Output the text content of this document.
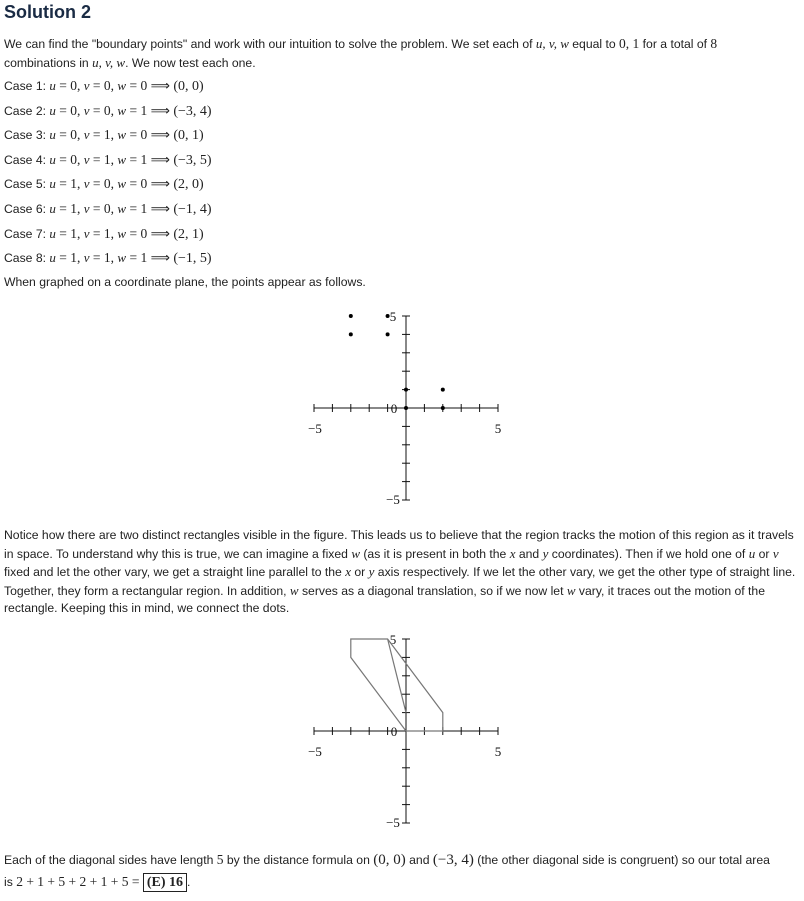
Solution 2

We can find the "boundary points" and work with our intuition to solve the problem. We set each of u, v, w equal to 0, 1 for a total of 8
combinations in u, v, w. We now test each one.

Case 1: u = 0, v = 0, w = 0 ⟹ (0, 0)
Case 2: u = 0, v = 0, w = 1 ⟹ (−3, 4)
Case 3: u = 0, v = 1, w = 0 ⟹ (0, 1)
Case 4: u = 0, v = 1, w = 1 ⟹ (−3, 5)
Case 5: u = 1, v = 0, w = 0 ⟹ (2, 0)
Case 6: u = 1, v = 0, w = 1 ⟹ (−1, 4)
Case 7: u = 1, v = 1, w = 0 ⟹ (2, 1)
Case 8: u = 1, v = 1, w = 1 ⟹ (−1, 5)

When graphed on a coordinate plane, the points appear as follows.

−5	5
5
−5
0

Notice how there are two distinct rectangles visible in the figure. This leads us to believe that the region tracks the motion of this region as it travels in space. To understand why this is true, we can imagine a fixed w (as it is present in both the x and y coordinates). Then if we hold one of u or v fixed and let the other vary, we get a straight line parallel to the x or y axis respectively. If we let the other vary, we get the other type of straight line. Together, they form a rectangular region. In addition, w serves as a diagonal translation, so if we now let w vary, it traces out the motion of the rectangle. Keeping this in mind, we connect the dots.

−5	5
5
−5
0

Each of the diagonal sides have length 5 by the distance formula on (0, 0) and (−3, 4) (the other diagonal side is congruent) so our total area
is 2 + 1 + 5 + 2 + 1 + 5 = (E) 16 .
